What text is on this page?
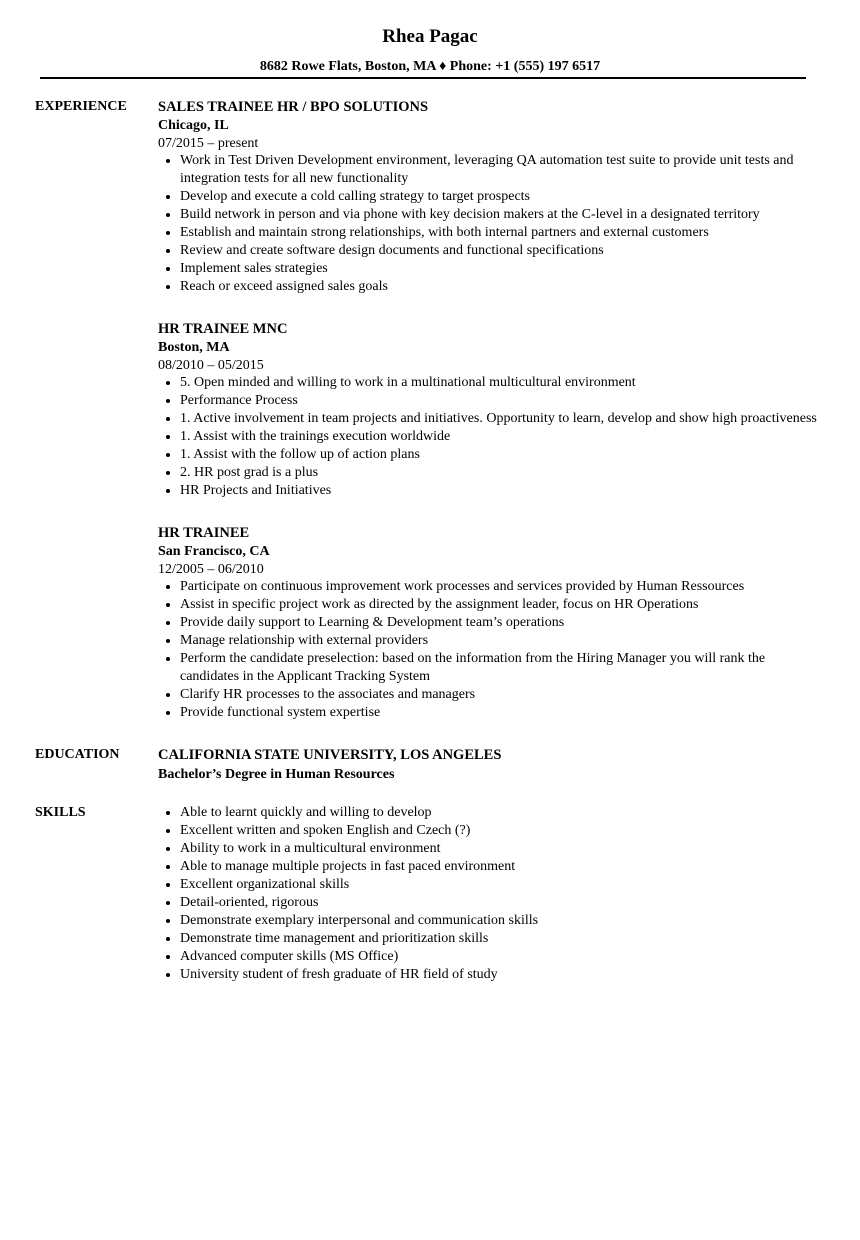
Rhea Pagac
8682 Rowe Flats, Boston, MA ♦ Phone: +1 (555) 197 6517
EXPERIENCE	SALES TRAINEE HR / BPO SOLUTIONS
Chicago, IL
07/2015 – present
• Work in Test Driven Development environment, leveraging QA automation test suite to provide unit tests and integration tests for all new functionality
• Develop and execute a cold calling strategy to target prospects
• Build network in person and via phone with key decision makers at the C-level in a designated territory
• Establish and maintain strong relationships, with both internal partners and external customers
• Review and create software design documents and functional specifications
• Implement sales strategies
• Reach or exceed assigned sales goals
HR TRAINEE MNC
Boston, MA
08/2010 – 05/2015
• 5. Open minded and willing to work in a multinational multicultural environment
• Performance Process
• 1. Active involvement in team projects and initiatives. Opportunity to learn, develop and show high proactiveness
• 1. Assist with the trainings execution worldwide
• 1. Assist with the follow up of action plans
• 2. HR post grad is a plus
• HR Projects and Initiatives
HR TRAINEE
San Francisco, CA
12/2005 – 06/2010
• Participate on continuous improvement work processes and services provided by Human Ressources
• Assist in specific project work as directed by the assignment leader, focus on HR Operations
• Provide daily support to Learning & Development team’s operations
• Manage relationship with external providers
• Perform the candidate preselection: based on the information from the Hiring Manager you will rank the candidates in the Applicant Tracking System
• Clarify HR processes to the associates and managers
• Provide functional system expertise
EDUCATION	CALIFORNIA STATE UNIVERSITY, LOS ANGELES
Bachelor’s Degree in Human Resources
SKILLS
•	Able to learnt quickly and willing to develop
• Excellent written and spoken English and Czech (?)
• Ability to work in a multicultural environment
• Able to manage multiple projects in fast paced environment
• Excellent organizational skills
• Detail-oriented, rigorous
• Demonstrate exemplary interpersonal and communication skills
• Demonstrate time management and prioritization skills
• Advanced computer skills (MS Office)
• University student of fresh graduate of HR field of study
